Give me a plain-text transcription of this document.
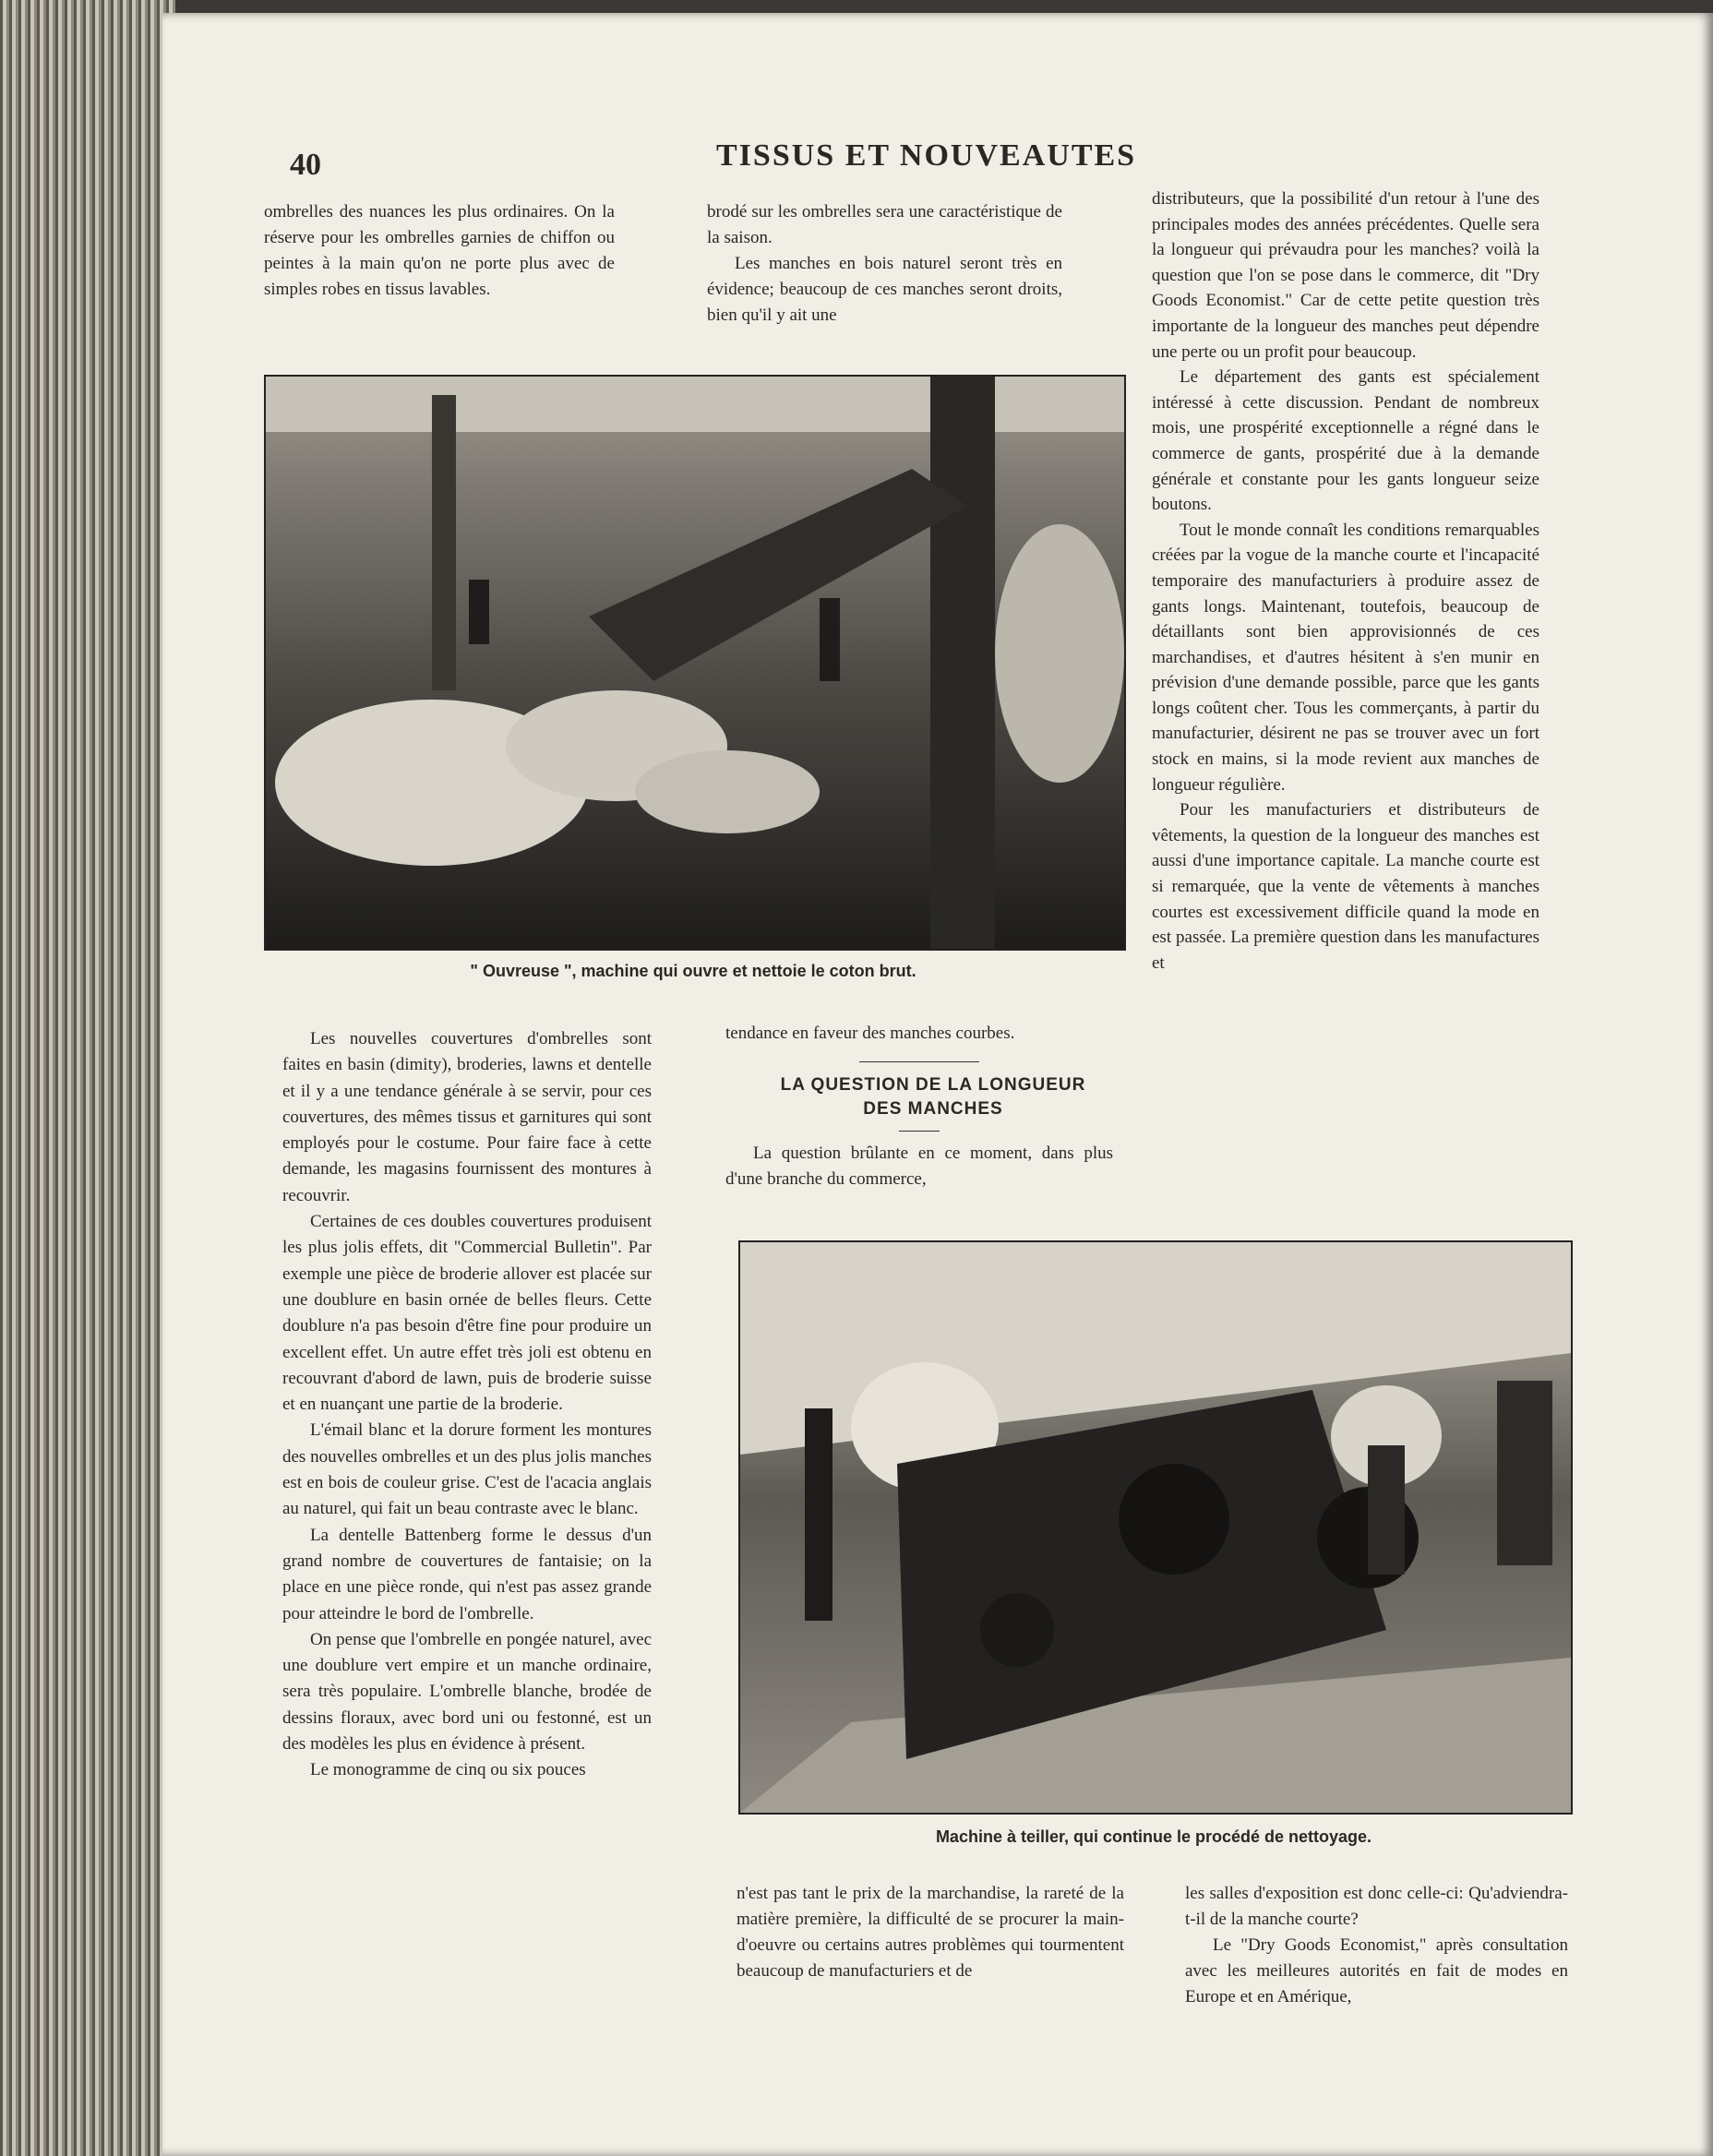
40	TISSUS ET NOUVEAUTES

ombrelles des nuances les plus ordinaires. On la réserve pour les ombrelles garnies de chiffon ou peintes à la main qu'on ne porte plus avec de simples robes en tissus lavables.

brodé sur les ombrelles sera une caractéristique de la saison.

Les manches en bois naturel seront très en évidence; beaucoup de ces manches seront droits, bien qu'il y ait une

distributeurs, que la possibilité d'un retour à l'une des principales modes des années précédentes. Quelle sera la longueur qui prévaudra pour les manches? voilà la question que l'on se pose dans le commerce, dit "Dry Goods Economist." Car de cette petite question très importante de la longueur des manches peut dépendre une perte ou un profit pour beaucoup.

Le département des gants est spécialement intéressé à cette discussion. Pendant de nombreux mois, une prospérité exceptionnelle a régné dans le commerce de gants, prospérité due à la demande générale et constante pour les gants longueur seize boutons.

Tout le monde connaît les conditions remarquables créées par la vogue de la manche courte et l'incapacité temporaire des manufacturiers à produire assez de gants longs. Maintenant, toutefois, beaucoup de détaillants sont bien approvisionnés de ces marchandises, et d'autres hésitent à s'en munir en prévision d'une demande possible, parce que les gants longs coûtent cher. Tous les commerçants, à partir du manufacturier, désirent ne pas se trouver avec un fort stock en mains, si la mode revient aux manches de longueur régulière.

Pour les manufacturiers et distributeurs de vêtements, la question de la longueur des manches est aussi d'une importance capitale. La manche courte est si remarquée, que la vente de vêtements à manches courtes est excessivement difficile quand la mode en est passée. La première question dans les manufactures et

" Ouvreuse ", machine qui ouvre et nettoie le coton brut.

Les nouvelles couvertures d'ombrelles sont faites en basin (dimity), broderies, lawns et dentelle et il y a une tendance générale à se servir, pour ces couvertures, des mêmes tissus et garnitures qui sont employés pour le costume. Pour faire face à cette demande, les magasins fournissent des montures à recouvrir.

Certaines de ces doubles couvertures produisent les plus jolis effets, dit "Commercial Bulletin". Par exemple une pièce de broderie allover est placée sur une doublure en basin ornée de belles fleurs. Cette doublure n'a pas besoin d'être fine pour produire un excellent effet. Un autre effet très joli est obtenu en recouvrant d'abord de lawn, puis de broderie suisse et en nuançant une partie de la broderie.

L'émail blanc et la dorure forment les montures des nouvelles ombrelles et un des plus jolis manches est en bois de couleur grise. C'est de l'acacia anglais au naturel, qui fait un beau contraste avec le blanc.

La dentelle Battenberg forme le dessus d'un grand nombre de couvertures de fantaisie; on la place en une pièce ronde, qui n'est pas assez grande pour atteindre le bord de l'ombrelle.

On pense que l'ombrelle en pongée naturel, avec une doublure vert empire et un manche ordinaire, sera très populaire. L'ombrelle blanche, brodée de dessins floraux, avec bord uni ou festonné, est un des modèles les plus en évidence à présent.

Le monogramme de cinq ou six pouces

tendance en faveur des manches courbes.

LA QUESTION DE LA LONGUEUR

DES MANCHES

La question brûlante en ce moment, dans plus d'une branche du commerce,

Machine à teiller, qui continue le procédé de nettoyage.

n'est pas tant le prix de la marchandise, la rareté de la matière première, la difficulté de se procurer la main-d'oeuvre ou certains autres problèmes qui tourmentent beaucoup de manufacturiers et de

les salles d'exposition est donc celle-ci: Qu'adviendra-t-il de la manche courte?

Le "Dry Goods Economist," après consultation avec les meilleures autorités en fait de modes en Europe et en Amérique,
